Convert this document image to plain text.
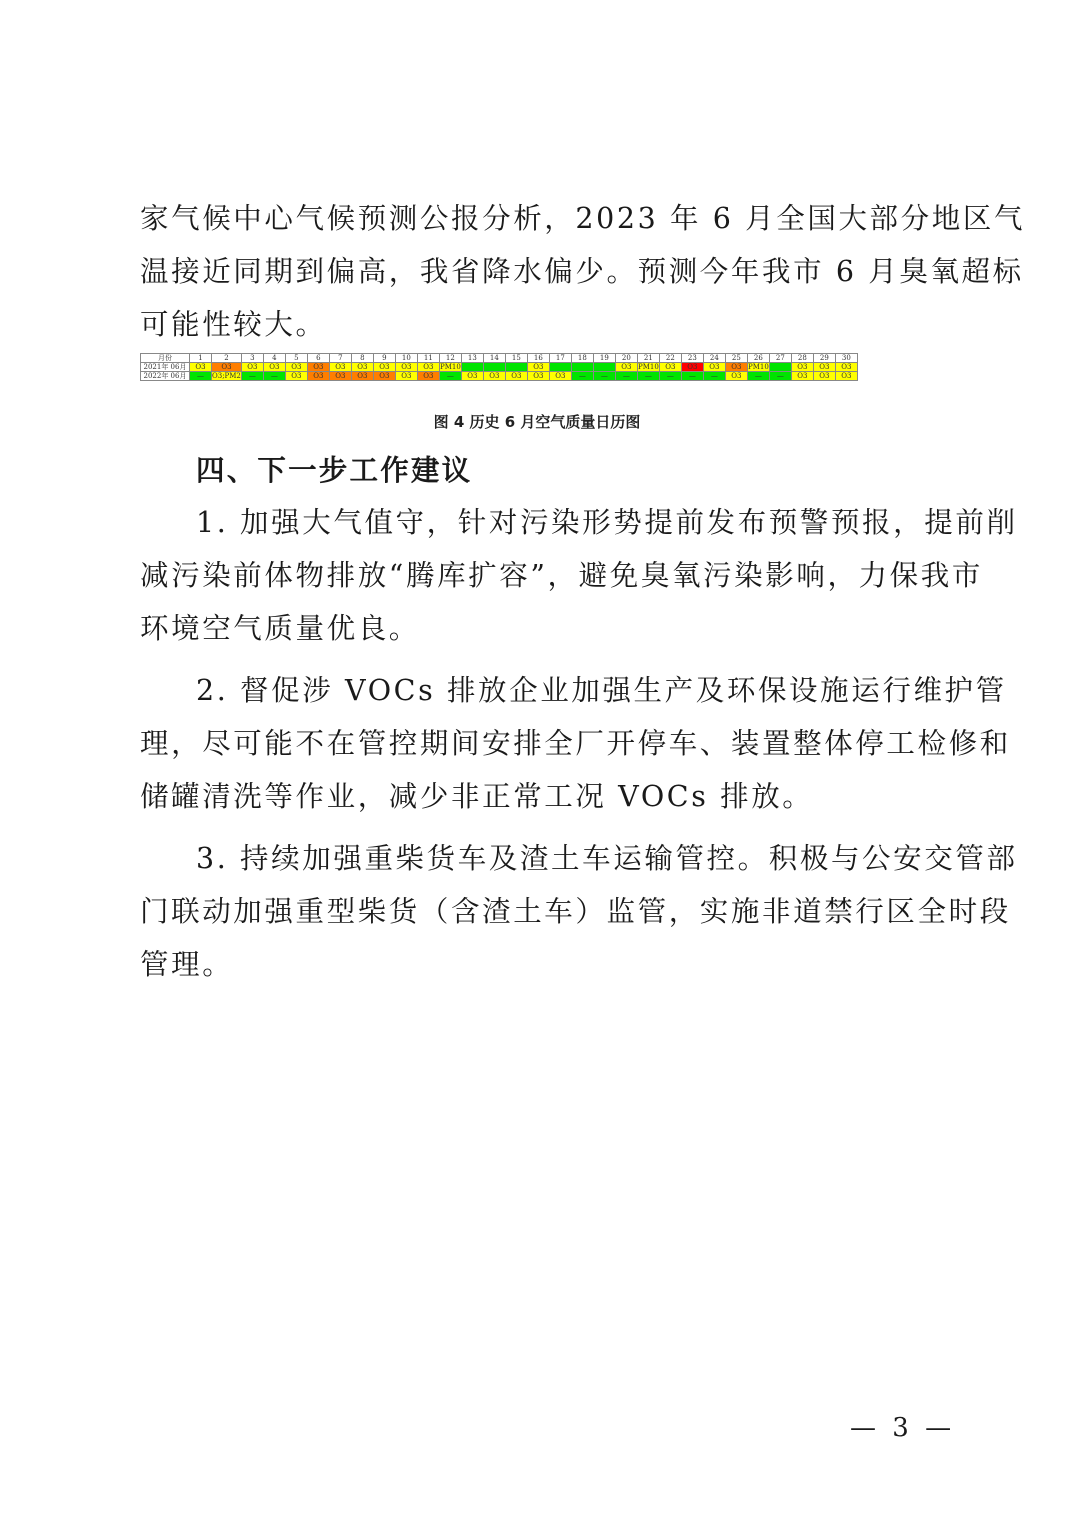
家气候中心气候预测公报分析，2023 年 6 月全国大部分地区气
温接近同期到偏高，我省降水偏少。预测今年我市 6 月臭氧超标
可能性较大。

月份	1	2	3	4	5	6	7	8	9	10	11	12	13	14	15	16	17	18	19	20	21	22	23	24	25	26	27	28	29	30
2021年 06月	O3	O3	O3	O3	O3	O3	O3	O3	O3	O3	O3	PM10				O3				O3	PM10	O3	O3	O3	O3	PM10		O3	O3	O3
2022年 06月	—	O3;PM2	—	—	O3	O3	O3	O3	O3	O3	O3	—	O3	O3	O3	O3	O3	—	—	—	—	—	—	—	O3	—	—	O3	O3	O3
图 4 历史 6 月空气质量日历图
四、下一步工作建议

1. 加强大气值守，针对污染形势提前发布预警预报，提前削
减污染前体物排放“腾库扩容”，避免臭氧污染影响，力保我市
环境空气质量优良。

2. 督促涉 VOCs 排放企业加强生产及环保设施运行维护管
理，尽可能不在管控期间安排全厂开停车、装置整体停工检修和
储罐清洗等作业，减少非正常工况 VOCs 排放。

3. 持续加强重柴货车及渣土车运输管控。积极与公安交管部
门联动加强重型柴货（含渣土车）监管，实施非道禁行区全时段
管理。

— 3 —
